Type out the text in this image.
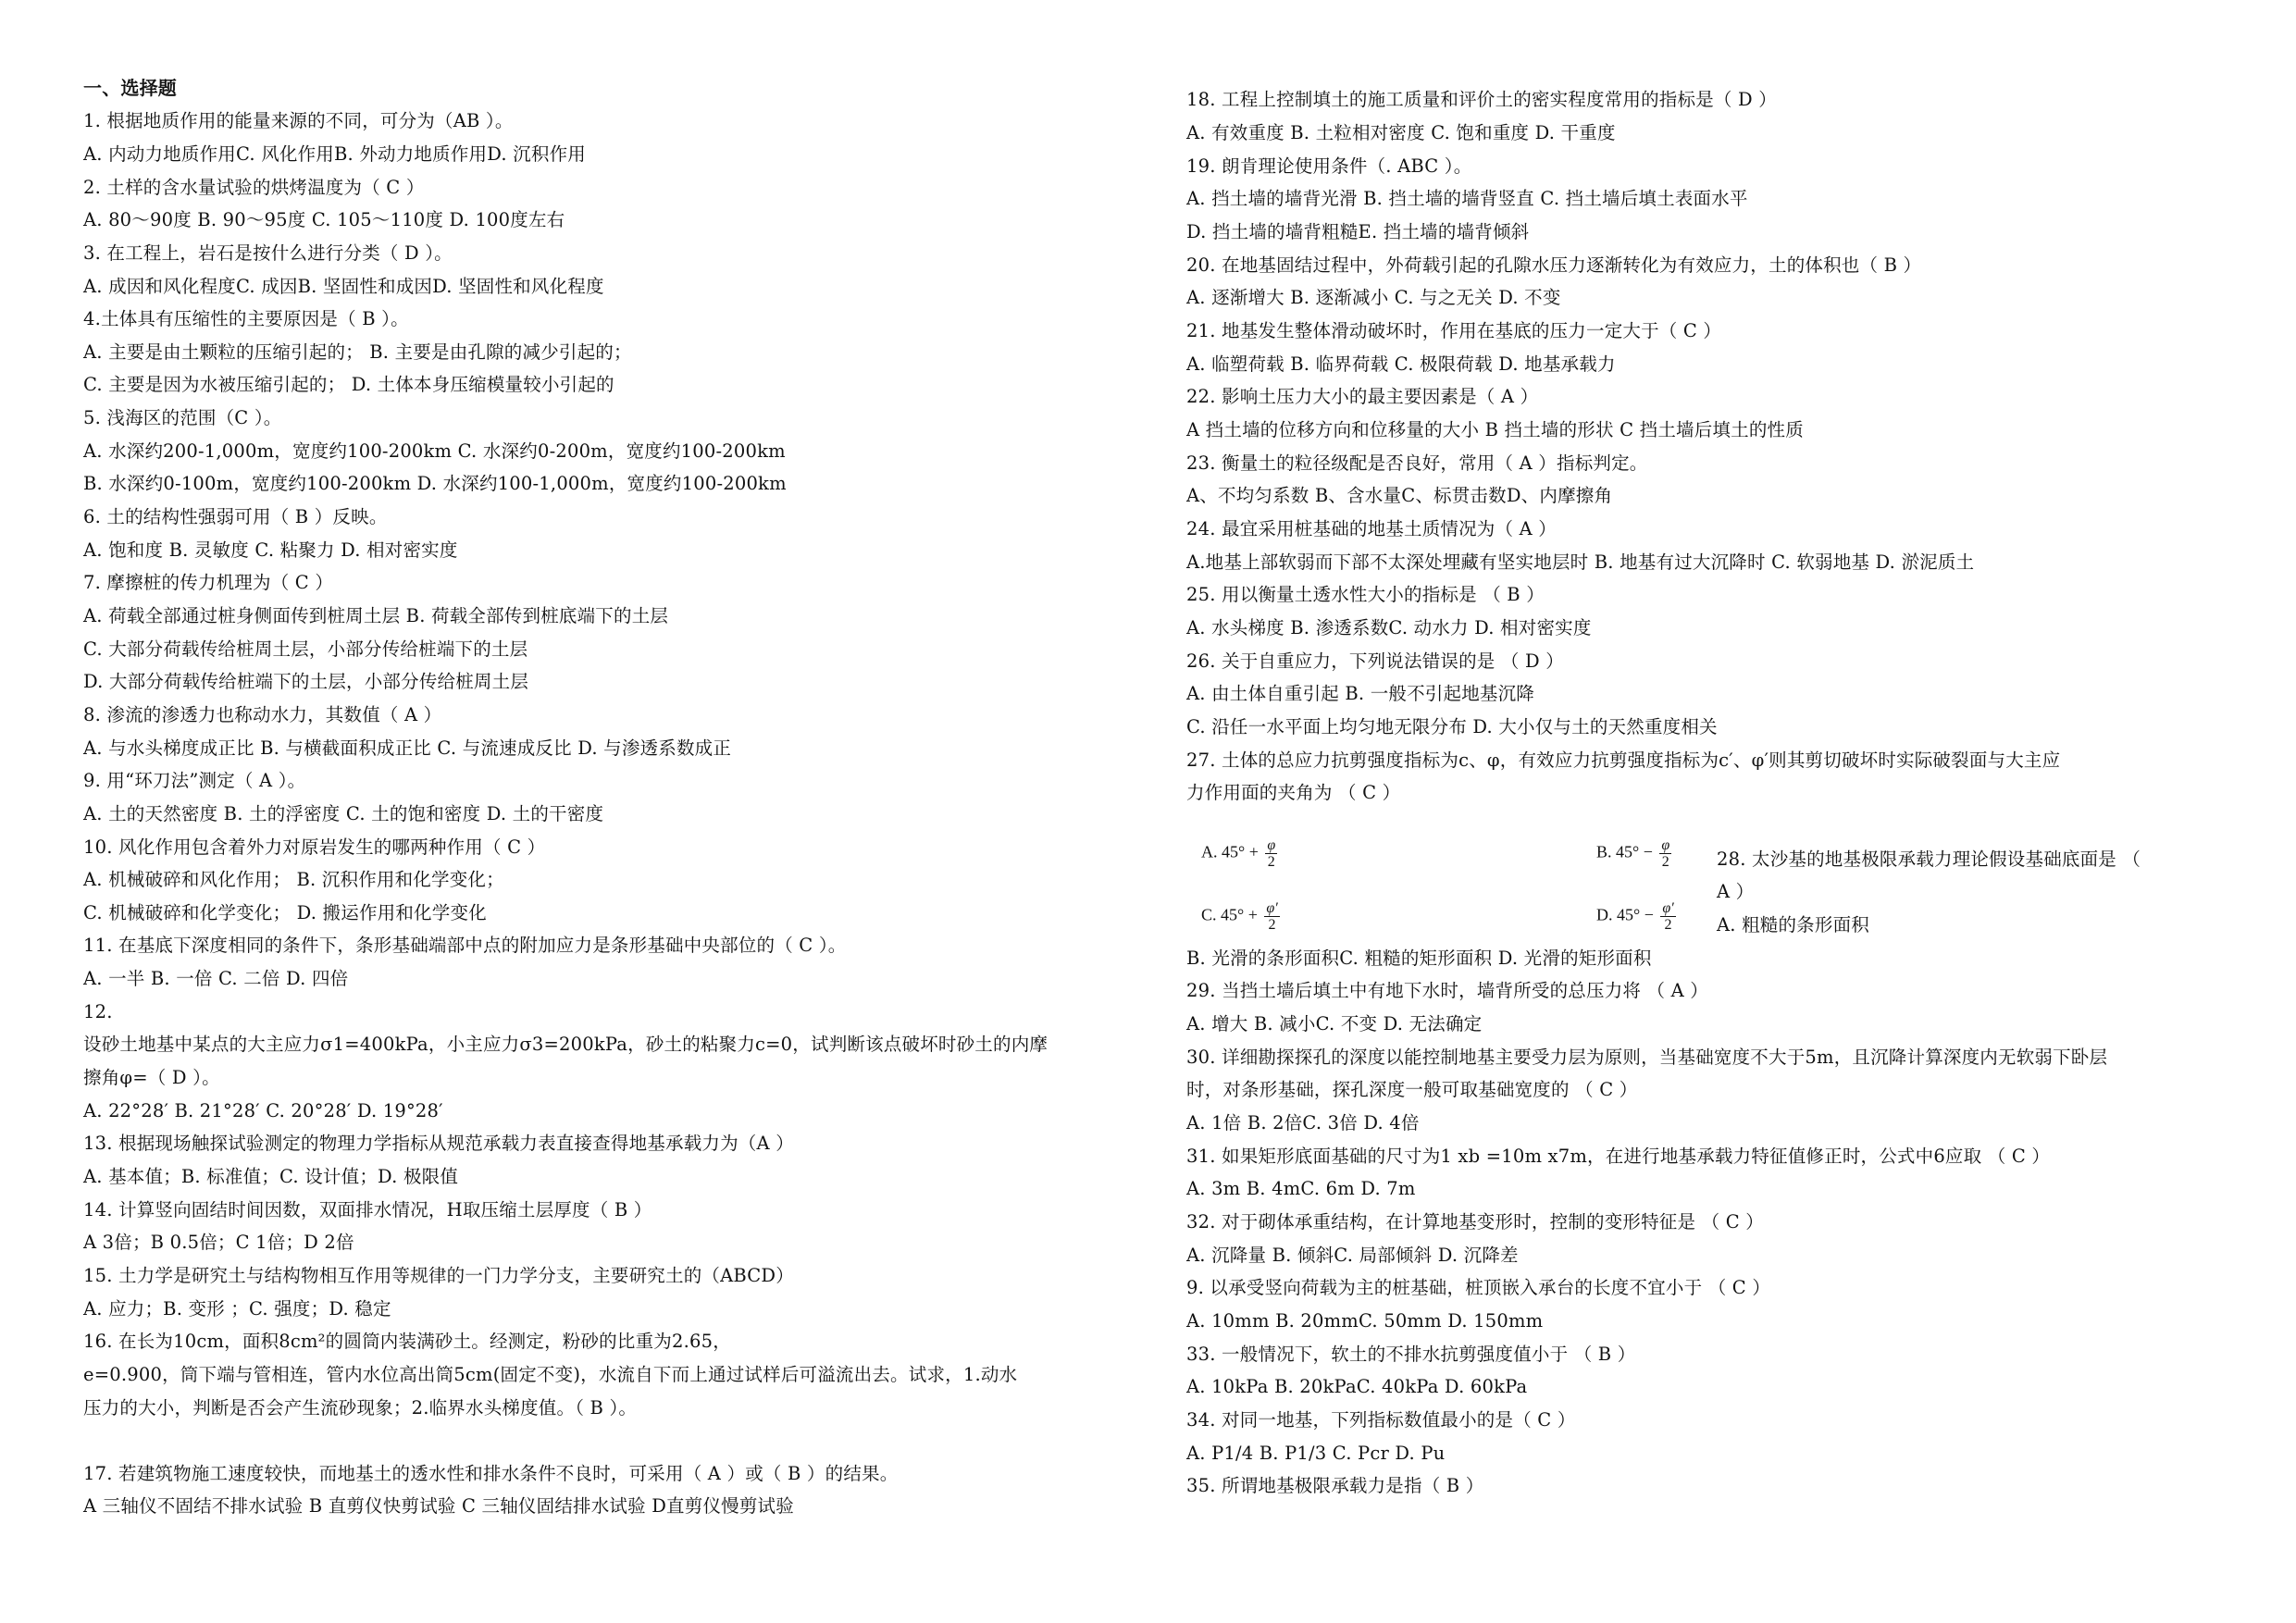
一、选择题
1. 根据地质作用的能量来源的不同，可分为（AB ）。
A. 内动力地质作用C. 风化作用B. 外动力地质作用D. 沉积作用
2. 土样的含水量试验的烘烤温度为（ C ）
A. 80～90度 B. 90～95度 C. 105～110度 D. 100度左右
3. 在工程上，岩石是按什么进行分类（ D ）。
A. 成因和风化程度C. 成因B. 坚固性和成因D. 坚固性和风化程度
4.土体具有压缩性的主要原因是（ B ）。
A. 主要是由土颗粒的压缩引起的； B. 主要是由孔隙的减少引起的；
C. 主要是因为水被压缩引起的； D. 土体本身压缩模量较小引起的
5. 浅海区的范围（C ）。
A. 水深约200-1,000m，宽度约100-200km C. 水深约0-200m，宽度约100-200km
B. 水深约0-100m，宽度约100-200km D. 水深约100-1,000m，宽度约100-200km
6. 土的结构性强弱可用（ B ）反映。
A. 饱和度 B. 灵敏度 C. 粘聚力 D. 相对密实度
7. 摩擦桩的传力机理为（ C ）
A. 荷载全部通过桩身侧面传到桩周土层 B. 荷载全部传到桩底端下的土层
C. 大部分荷载传给桩周土层，小部分传给桩端下的土层
D. 大部分荷载传给桩端下的土层，小部分传给桩周土层
8. 渗流的渗透力也称动水力，其数值（ A ）
A. 与水头梯度成正比 B. 与横截面积成正比 C. 与流速成反比 D. 与渗透系数成正
9. 用“环刀法”测定（ A ）。
A. 土的天然密度 B. 土的浮密度 C. 土的饱和密度 D. 土的干密度
10. 风化作用包含着外力对原岩发生的哪两种作用（ C ）
A. 机械破碎和风化作用； B. 沉积作用和化学变化；
C. 机械破碎和化学变化； D. 搬运作用和化学变化
11. 在基底下深度相同的条件下，条形基础端部中点的附加应力是条形基础中央部位的（ C ）。
A. 一半 B. 一倍 C. 二倍 D. 四倍
12.
设砂土地基中某点的大主应力σ1=400kPa，小主应力σ3=200kPa，砂土的粘聚力c=0，试判断该点破坏时砂土的内摩
擦角φ=（ D ）。
A. 22°28′ B. 21°28′ C. 20°28′ D. 19°28′
13. 根据现场触探试验测定的物理力学指标从规范承载力表直接查得地基承载力为（A ）
A. 基本值；B. 标准值；C. 设计值；D. 极限值
14. 计算竖向固结时间因数，双面排水情况，H取压缩土层厚度（ B ）
A 3倍；B 0.5倍；C 1倍；D 2倍
15. 土力学是研究土与结构物相互作用等规律的一门力学分支，主要研究土的（ABCD）
A. 应力；B. 变形 ；C. 强度；D. 稳定
16. 在长为10cm，面积8cm²的圆筒内装满砂土。经测定，粉砂的比重为2.65，
e=0.900，筒下端与管相连，管内水位高出筒5cm(固定不变)，水流自下而上通过试样后可溢流出去。试求，1.动水
压力的大小，判断是否会产生流砂现象；2.临界水头梯度值。（ B ）。
17. 若建筑物施工速度较快，而地基土的透水性和排水条件不良时，可采用（ A ）或（ B ）的结果。
A 三轴仪不固结不排水试验 B 直剪仪快剪试验 C 三轴仪固结排水试验 D直剪仪慢剪试验
A. $45^\circ + \frac{\varphi}{2}$	B. $45^\circ - \frac{\varphi}{2}$
C. $45^\circ + \frac{\varphi'}{2}$	D. $45^\circ - \frac{\varphi'}{2}$
18. 工程上控制填土的施工质量和评价土的密实程度常用的指标是（ D ）
A. 有效重度 B. 土粒相对密度 C. 饱和重度 D. 干重度
19. 朗肯理论使用条件（. ABC ）。
A. 挡土墙的墙背光滑 B. 挡土墙的墙背竖直 C. 挡土墙后填土表面水平
D. 挡土墙的墙背粗糙E. 挡土墙的墙背倾斜
20. 在地基固结过程中，外荷载引起的孔隙水压力逐渐转化为有效应力，土的体积也（ B ）
A. 逐渐增大 B. 逐渐减小 C. 与之无关 D. 不变
21. 地基发生整体滑动破坏时，作用在基底的压力一定大于（ C ）
A. 临塑荷载 B. 临界荷载 C. 极限荷载 D. 地基承载力
22. 影响土压力大小的最主要因素是（ A ）
A 挡土墙的位移方向和位移量的大小 B 挡土墙的形状 C 挡土墙后填土的性质
23. 衡量土的粒径级配是否良好，常用（ A ）指标判定。
A、不均匀系数 B、含水量C、标贯击数D、内摩擦角
24. 最宜采用桩基础的地基土质情况为（ A ）
A.地基上部软弱而下部不太深处埋藏有坚实地层时 B. 地基有过大沉降时 C. 软弱地基 D. 淤泥质土
25. 用以衡量土透水性大小的指标是 （ B ）
A. 水头梯度 B. 渗透系数C. 动水力 D. 相对密实度
26. 关于自重应力，下列说法错误的是 （ D ）
A. 由土体自重引起 B. 一般不引起地基沉降
C. 沿任一水平面上均匀地无限分布 D. 大小仅与土的天然重度相关
27. 土体的总应力抗剪强度指标为c、φ，有效应力抗剪强度指标为c′、φ′则其剪切破坏时实际破裂面与大主应
力作用面的夹角为 （ C ）
28. 太沙基的地基极限承载力理论假设基础底面是 （
A ）
A. 粗糙的条形面积
B. 光滑的条形面积C. 粗糙的矩形面积 D. 光滑的矩形面积
29. 当挡土墙后填土中有地下水时，墙背所受的总压力将 （ A ）
A. 增大 B. 减小C. 不变 D. 无法确定
30. 详细勘探探孔的深度以能控制地基主要受力层为原则，当基础宽度不大于5m，且沉降计算深度内无软弱下卧层
时，对条形基础，探孔深度一般可取基础宽度的 （ C ）
A. 1倍 B. 2倍C. 3倍 D. 4倍
31. 如果矩形底面基础的尺寸为1 xb =10m x7m，在进行地基承载力特征值修正时，公式中6应取 （ C ）
A. 3m B. 4mC. 6m D. 7m
32. 对于砌体承重结构，在计算地基变形时，控制的变形特征是 （ C ）
A. 沉降量 B. 倾斜C. 局部倾斜 D. 沉降差
9. 以承受竖向荷载为主的桩基础，桩顶嵌入承台的长度不宜小于 （ C ）
A. 10mm B. 20mmC. 50mm D. 150mm
33. 一般情况下，软土的不排水抗剪强度值小于 （ B ）
A. 10kPa B. 20kPaC. 40kPa D. 60kPa
34. 对同一地基，下列指标数值最小的是（ C ）
A. P1/4 B. P1/3 C. Pcr D. Pu
35. 所谓地基极限承载力是指（ B ）
